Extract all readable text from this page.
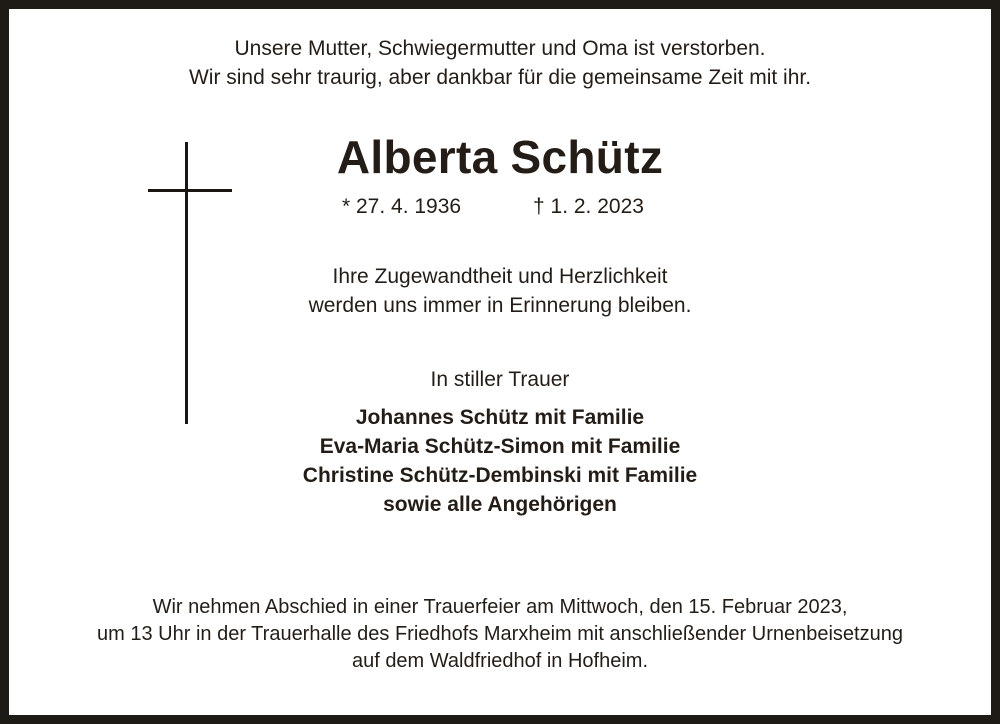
Unsere Mutter, Schwiegermutter und Oma ist verstorben.
Wir sind sehr traurig, aber dankbar für die gemeinsame Zeit mit ihr.
Alberta Schütz
* 27. 4. 1936	† 1. 2. 2023
Ihre Zugewandtheit und Herzlichkeit
werden uns immer in Erinnerung bleiben.
In stiller Trauer
Johannes Schütz mit Familie
Eva-Maria Schütz-Simon mit Familie
Christine Schütz-Dembinski mit Familie
sowie alle Angehörigen
Wir nehmen Abschied in einer Trauerfeier am Mittwoch, den 15. Februar 2023,
um 13 Uhr in der Trauerhalle des Friedhofs Marxheim mit anschließender Urnenbeisetzung
auf dem Waldfriedhof in Hofheim.
